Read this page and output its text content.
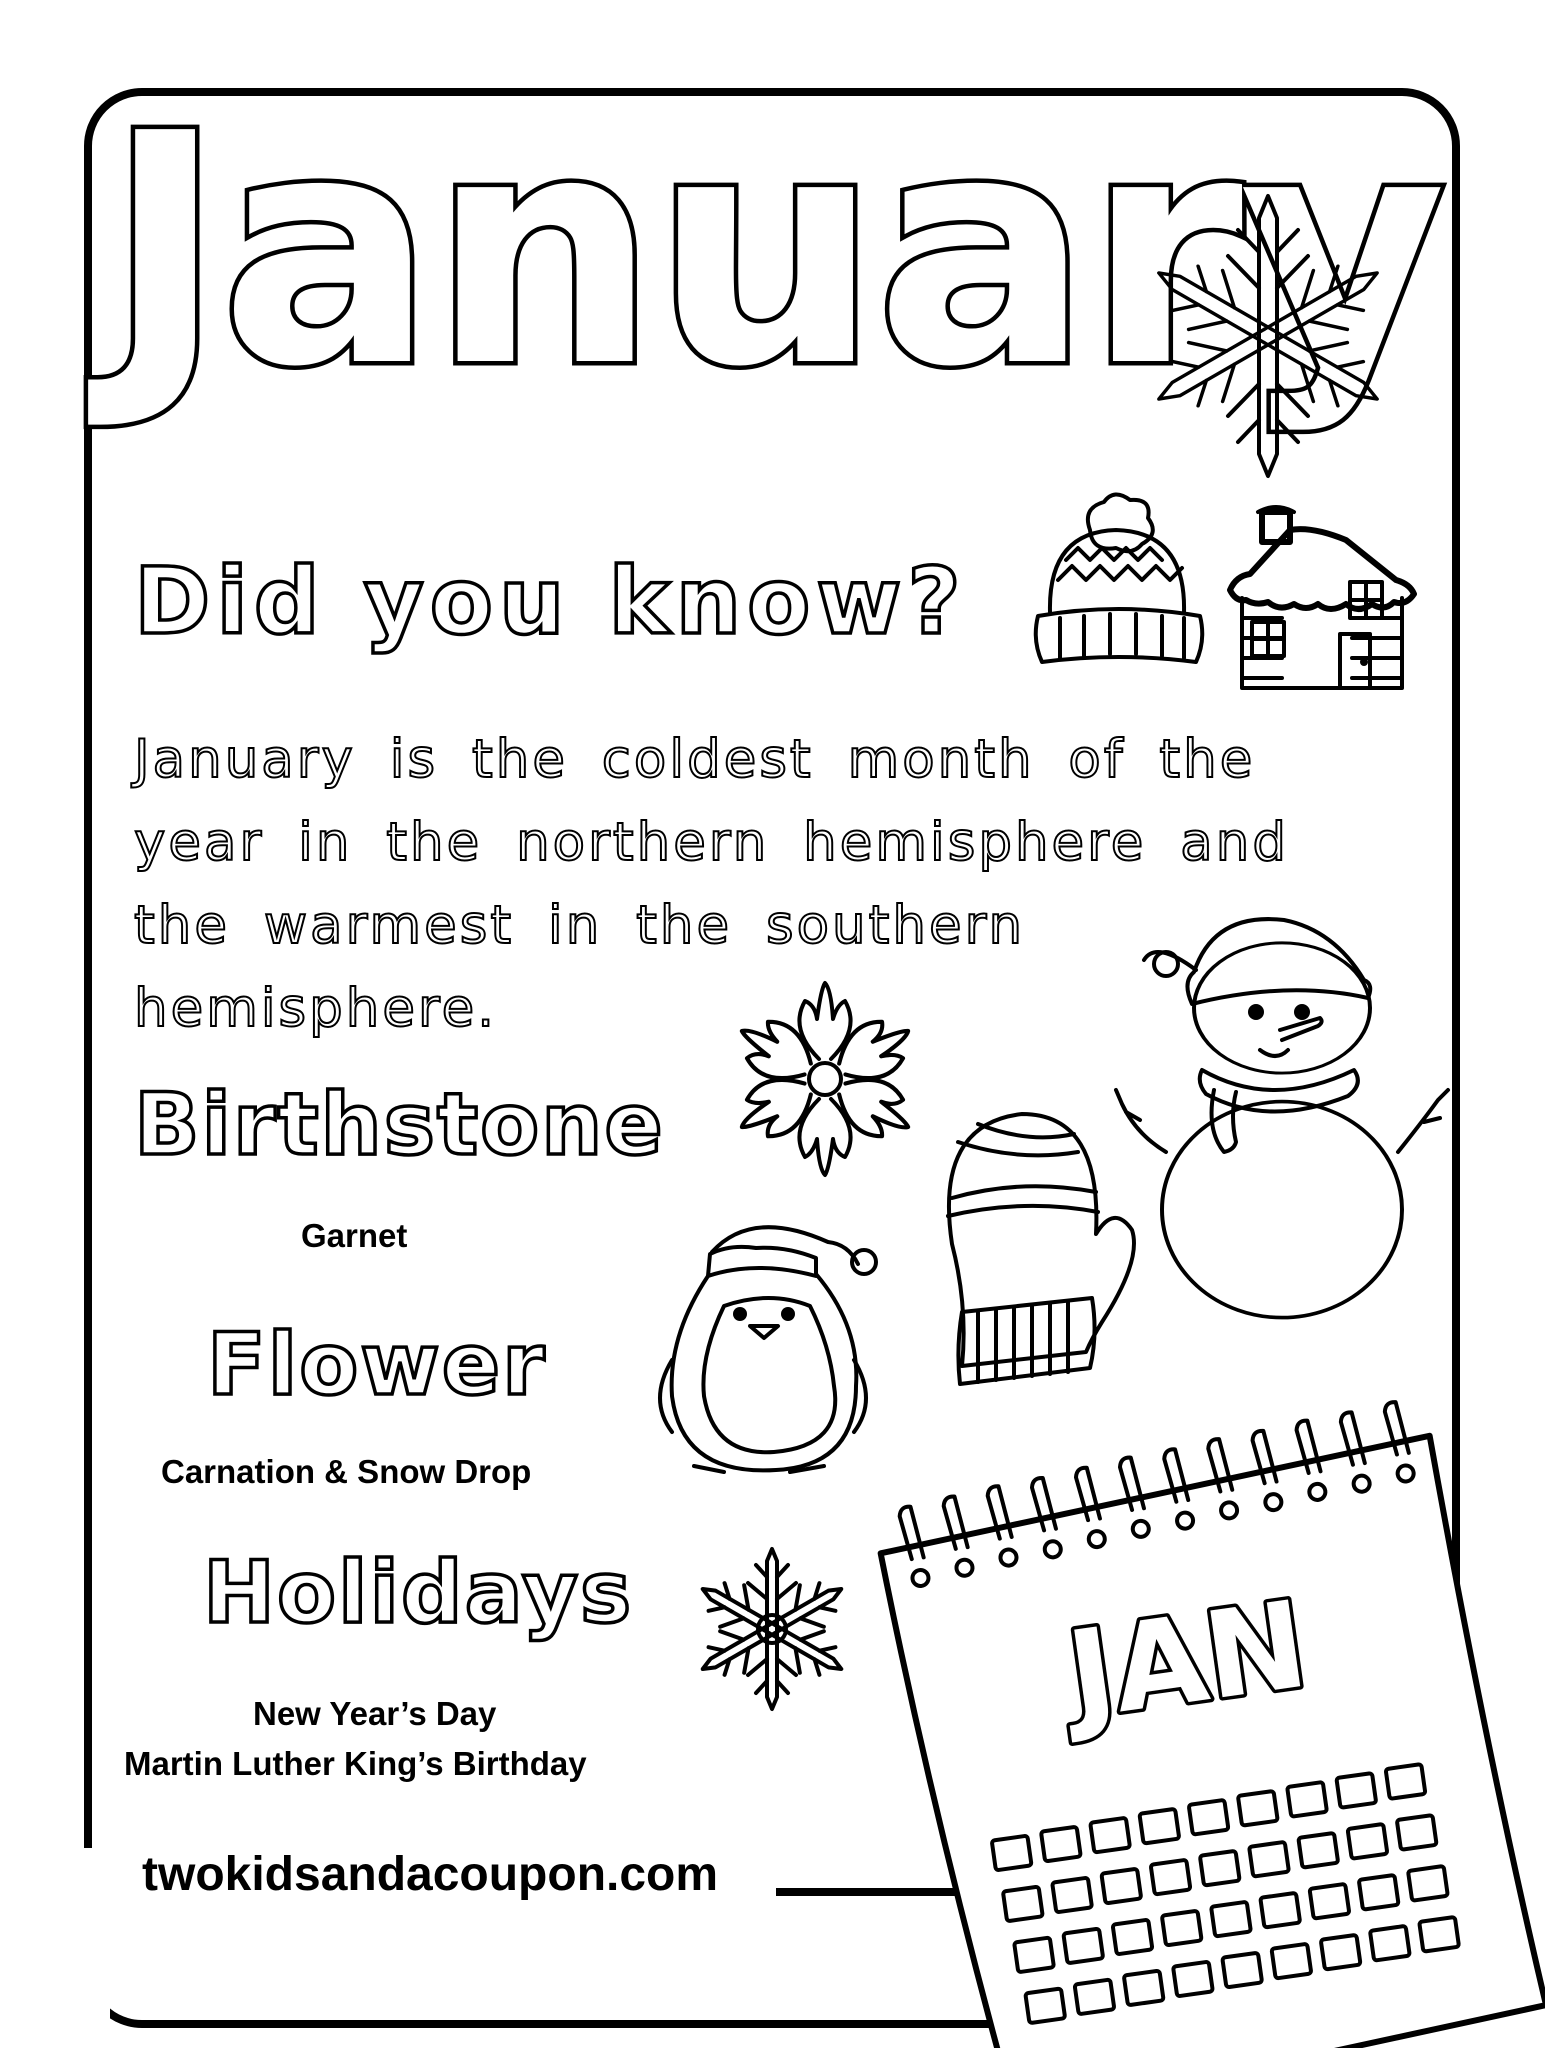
January
Did you know?

January is the coldest month of the
year in the northern hemisphere and
the warmest in the southern
hemisphere.

Birthstone

Garnet

Flower

Carnation & Snow Drop

Holidays

New Year’s Day

Martin Luther King’s Birthday

twokidsandacoupon.com

JAN
